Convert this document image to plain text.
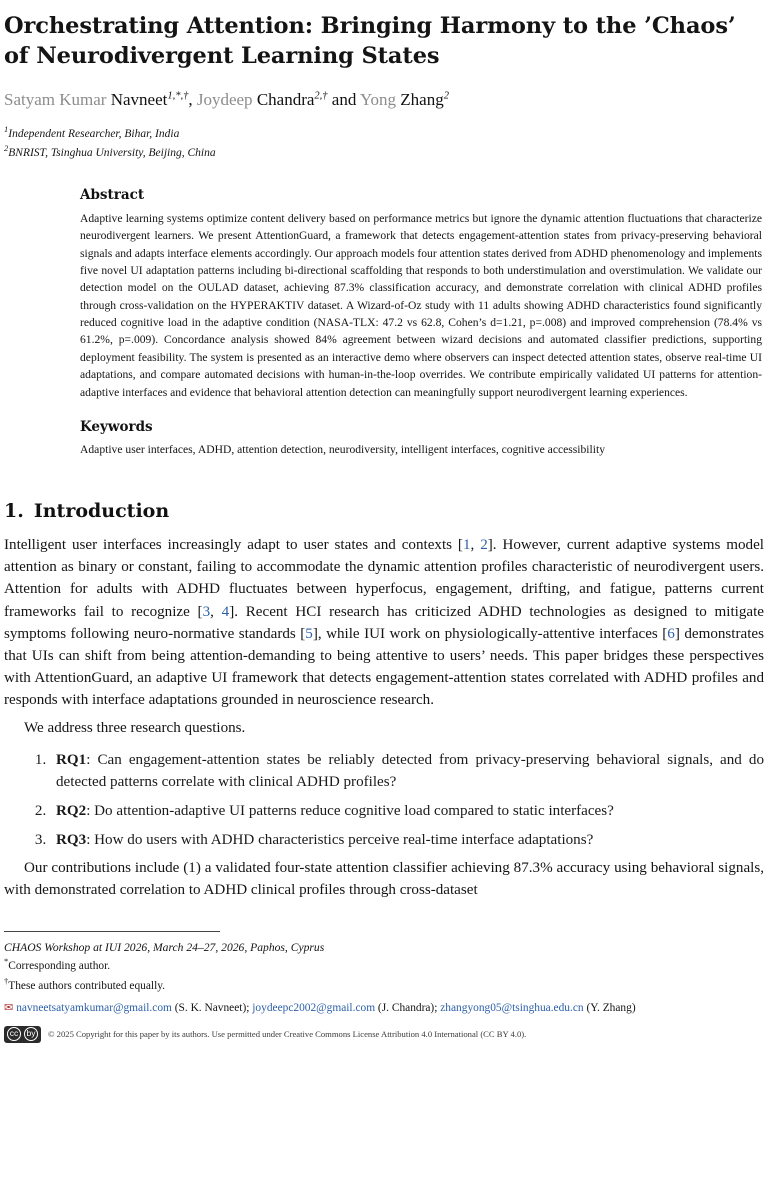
Orchestrating Attention: Bringing Harmony to the ’Chaos’ of Neurodivergent Learning States
Satyam Kumar Navneet$^{1,*,\dagger}$, Joydeep Chandra$^{2,\dagger}$ and Yong Zhang$^2$
$^1$Independent Researcher, Bihar, India
$^2$BNRIST, Tsinghua University, Beijing, China
Abstract
Adaptive learning systems optimize content delivery based on performance metrics but ignore the dynamic attention fluctuations that characterize neurodivergent learners. We present AttentionGuard, a framework that detects engagement-attention states from privacy-preserving behavioral signals and adapts interface elements accordingly. Our approach models four attention states derived from ADHD phenomenology and implements five novel UI adaptation patterns including bi-directional scaffolding that responds to both understimulation and overstimulation. We validate our detection model on the OULAD dataset, achieving 87.3% classification accuracy, and demonstrate correlation with clinical ADHD profiles through cross-validation on the HYPERAKTIV dataset. A Wizard-of-Oz study with 11 adults showing ADHD characteristics found significantly reduced cognitive load in the adaptive condition (NASA-TLX: 47.2 vs 62.8, Cohen’s d=1.21, p=.008) and improved comprehension (78.4% vs 61.2%, p=.009). Concordance analysis showed 84% agreement between wizard decisions and automated classifier predictions, supporting deployment feasibility. The system is presented as an interactive demo where observers can inspect detected attention states, observe real-time UI adaptations, and compare automated decisions with human-in-the-loop overrides. We contribute empirically validated UI patterns for attention-adaptive interfaces and evidence that behavioral attention detection can meaningfully support neurodivergent learning experiences.
Keywords
Adaptive user interfaces, ADHD, attention detection, neurodiversity, intelligent interfaces, cognitive accessibility
1. Introduction

Intelligent user interfaces increasingly adapt to user states and contexts [1, 2]. However, current adaptive systems model attention as binary or constant, failing to accommodate the dynamic attention profiles characteristic of neurodivergent users. Attention for adults with ADHD fluctuates between hyperfocus, engagement, drifting, and fatigue, patterns current frameworks fail to recognize [3, 4]. Recent HCI research has criticized ADHD technologies as designed to mitigate symptoms following neuro-normative standards [5], while IUI work on physiologically-attentive interfaces [6] demonstrates that UIs can shift from being attention-demanding to being attentive to users’ needs. This paper bridges these perspectives with AttentionGuard, an adaptive UI framework that detects engagement-attention states correlated with ADHD profiles and responds with interface adaptations grounded in neuroscience research.

We address three research questions.

1. RQ1: Can engagement-attention states be reliably detected from privacy-preserving behavioral signals, and do detected patterns correlate with clinical ADHD profiles?
2. RQ2: Do attention-adaptive UI patterns reduce cognitive load compared to static interfaces?
3. RQ3: How do users with ADHD characteristics perceive real-time interface adaptations?

Our contributions include (1) a validated four-state attention classifier achieving 87.3% accuracy using behavioral signals, with demonstrated correlation to ADHD clinical profiles through cross-dataset

CHAOS Workshop at IUI 2026, March 24–27, 2026, Paphos, Cyprus
*Corresponding author.
†These authors contributed equally.
✉ navneetsatyamkumar@gmail.com (S. K. Navneet); joydeepc2002@gmail.com (J. Chandra); zhangyong05@tsinghua.edu.cn (Y. Zhang)
cc by © 2025 Copyright for this paper by its authors. Use permitted under Creative Commons License Attribution 4.0 International (CC BY 4.0).
